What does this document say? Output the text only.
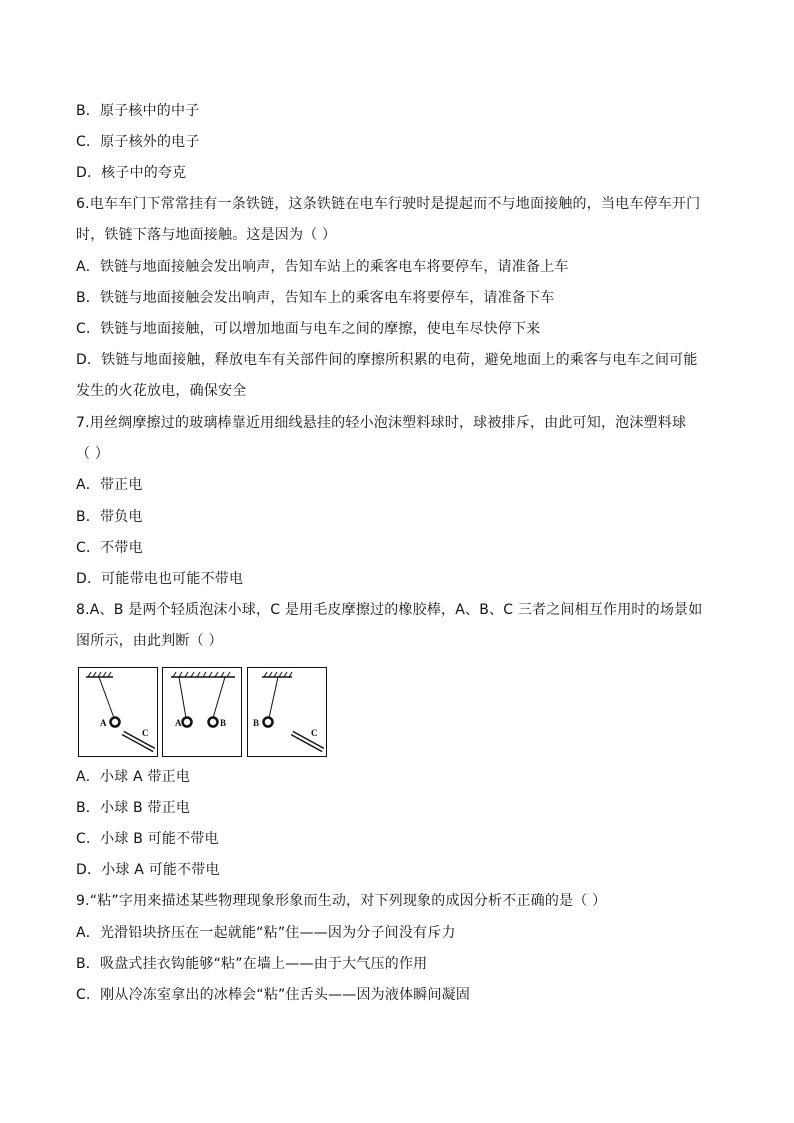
B．原子核中的中子
C．原子核外的电子
D．核子中的夸克
6.电车车门下常常挂有一条铁链，这条铁链在电车行驶时是提起而不与地面接触的，当电车停车开门
时，铁链下落与地面接触。这是因为（ ）
A．铁链与地面接触会发出响声，告知车站上的乘客电车将要停车，请准备上车
B．铁链与地面接触会发出响声，告知车上的乘客电车将要停车，请准备下车
C．铁链与地面接触，可以增加地面与电车之间的摩擦，使电车尽快停下来
D．铁链与地面接触，释放电车有关部件间的摩擦所积累的电荷，避免地面上的乘客与电车之间可能
发生的火花放电，确保安全
7.用丝绸摩擦过的玻璃棒靠近用细线悬挂的轻小泡沫塑料球时，球被排斥，由此可知，泡沫塑料球
（ ）
A．带正电
B．带负电
C．不带电
D．可能带电也可能不带电
8.A、B 是两个轻质泡沫小球，C 是用毛皮摩擦过的橡胶棒，A、B、C 三者之间相互作用时的场景如
图所示，由此判断（ ）
A
C
A	B	B
C
A．小球 A 带正电
B．小球 B 带正电
C．小球 B 可能不带电
D．小球 A 可能不带电
9.“粘”字用来描述某些物理现象形象而生动，对下列现象的成因分析不正确的是（ ）
A．光滑铅块挤压在一起就能“粘”住——因为分子间没有斥力
B．吸盘式挂衣钩能够“粘”在墙上——由于大气压的作用
C．刚从冷冻室拿出的冰棒会“粘”住舌头——因为液体瞬间凝固
